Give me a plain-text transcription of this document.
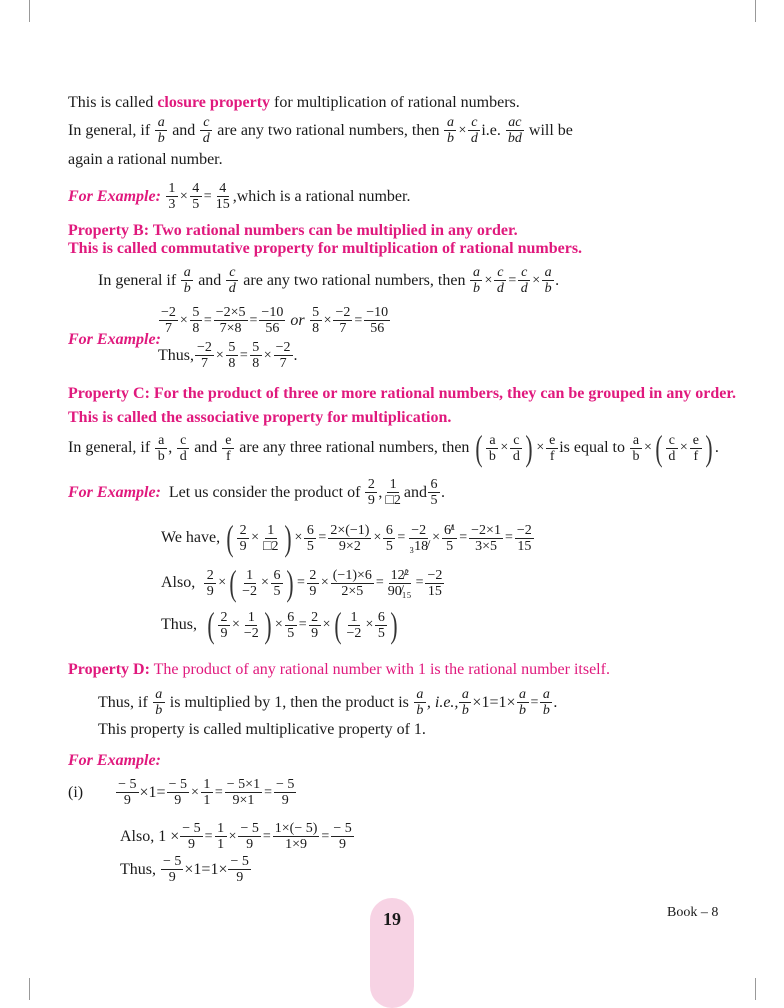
This is called closure property for multiplication of rational numbers.
In general, if $\frac{a}{b}$ and $\frac{c}{d}$ are any two rational numbers, then $\frac{a}{b} \times \frac{c}{d} i.e$. $\frac{ac}{bd}$ will be
again a rational number.
For Example:
$\frac{1}{3} \times \frac{4}{5} = \frac{4}{15}$ ,which is a rational number.
Property B: Two rational numbers can be multiplied in any order.
This is called commutative property for multiplication of rational numbers.
In general if $\frac{a}{b}$ and $\frac{c}{d}$ are any two rational numbers, then $\frac{a}{b} \times \frac{c}{d} = \frac{c}{d} \times \frac{a}{b}$ .
$\frac{-2}{7} \times \frac{5}{8} = \frac{-2\times 5}{7\times 8} = \frac{-10}{56}$ or $\frac{5}{8} \times \frac{-2}{7} = \frac{-10}{56}$
For Example:
Thus, $\frac{-2}{7} \times \frac{5}{8} = \frac{5}{8} \times \frac{-2}{7}$ .
Property C: For the product of three or more rational numbers, they can be grouped in any order.
This is called the associative property for multiplication.
In general, if $\frac{a}{b}$ , $\frac{c}{d}$ and $\frac{e}{f}$ are any three rational numbers, then ( $\frac{a}{b} \times \frac{c}{d}$ ) × $\frac{e}{f}$ is equal to $\frac{a}{b}$ × ( $\frac{c}{d} \times \frac{e}{f}$ ) .
For Example: Let us consider the product of $\frac{2}{9}$ , $\frac{1}{□2}$ and $\frac{6}{5}$ .
We have, ( $\frac{2}{9} \times \frac{1}{□2}$ ) × $\frac{6}{5} = \frac{2\times(-1)}{9\times 2} \times \frac{6}{5} = \frac{-2}{\text{₃18̸}} \times \frac{\text{6̸¹}}{5} = \frac{-2\times 1}{3\times 5} = \frac{-2}{15}$
Also, $\frac{2}{9}$ × ( $\frac{1}{-2} \times \frac{6}{5}$ ) = $\frac{2}{9} \times \frac{(-1)\times 6}{2\times 5} = \frac{\text{12̸²}}{\text{90̸₁₅}} = \frac{-2}{15}$
Thus, ( $\frac{2}{9} \times \frac{1}{-2}$ ) × $\frac{6}{5} = \frac{2}{9}$ × ( $\frac{1}{-2} \times \frac{6}{5}$ )
Property D: The product of any rational number with 1 is the rational number itself.
Thus, if $\frac{a}{b}$ is multiplied by 1, then the product is $\frac{a}{b}$ , i.e., $\frac{a}{b} \times 1=1\times \frac{a}{b} = \frac{a}{b}$ .
This property is called multiplicative property of 1.
For Example:
$(i) \frac{- 5}{9} \times 1= \frac{- 5}{9} \times \frac{1}{1} = \frac{- 5\times 1}{9\times 1} = \frac{- 5}{9}$
Also, $1 \times \frac{- 5}{9} = \frac{1}{1} \times \frac{- 5}{9} = \frac{1\times(- 5)}{1\times 9} = \frac{- 5}{9}$
Thus, $\frac{- 5}{9} \times 1=1\times \frac{- 5}{9}$
19	Book – 8
